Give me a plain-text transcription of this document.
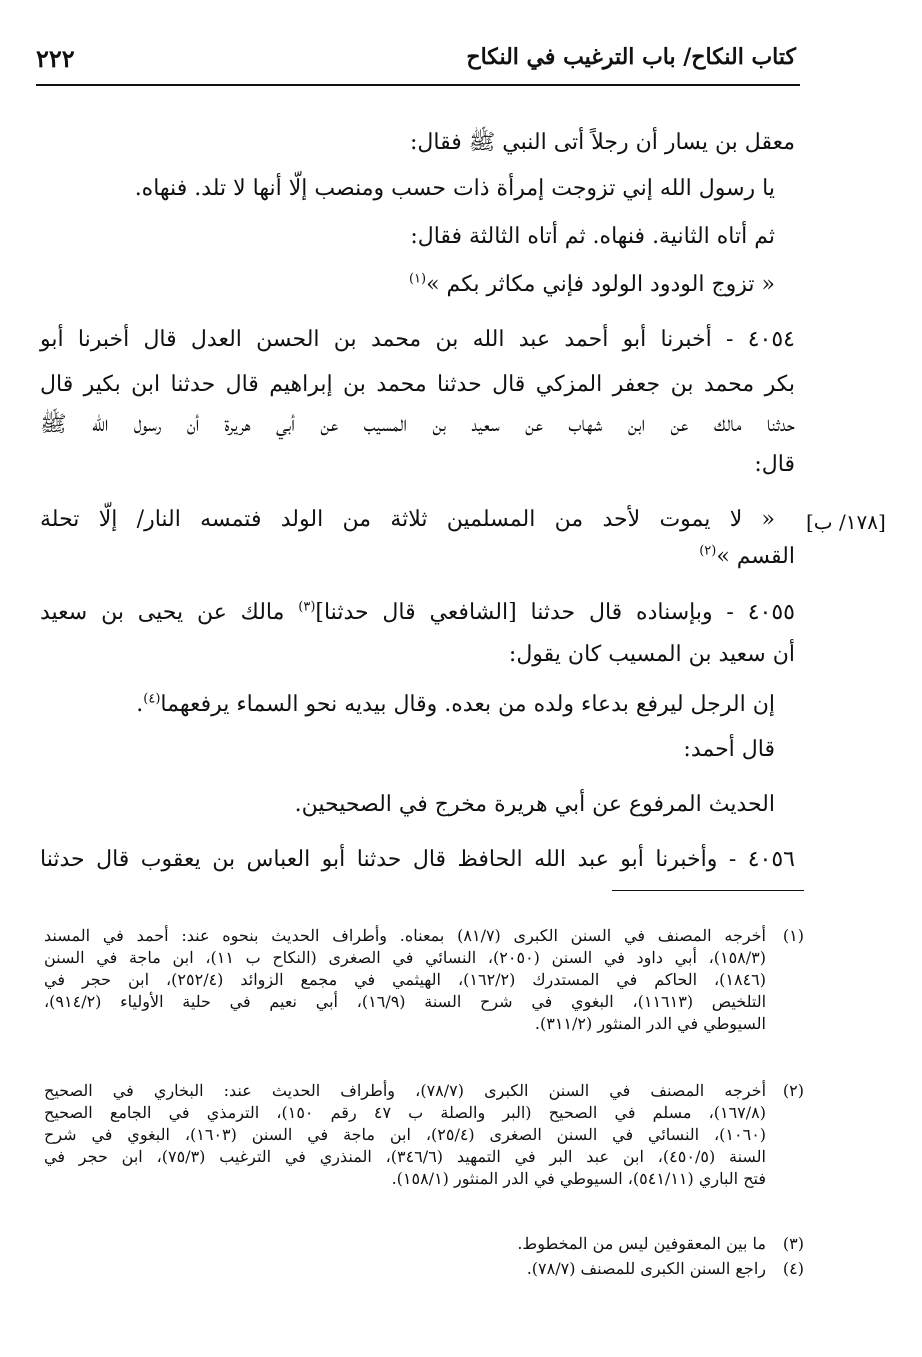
كتاب النكاح/ باب الترغيب في النكاح
٢٢٢
[١٧٨/ ب]
معقل بن يسار أن رجلاً أتى النبي ﷺ فقال:
يا رسول الله إني تزوجت إمرأة ذات حسب ومنصب إلّا أنها لا تلد. فنهاه.
ثم أتاه الثانية. فنهاه. ثم أتاه الثالثة فقال:
« تزوج الودود الولود فإني مكاثر بكم »$^{(١)}$
٤٠٥٤ - أخبرنا أبو أحمد عبد الله بن محمد بن الحسن العدل قال أخبرنا أبو
بكر محمد بن جعفر المزكي قال حدثنا محمد بن إبراهيم قال حدثنا ابن بكير قال
حدثنا مالك عن ابن شهاب عن سعيد بن المسيب عن أبي هريرة أن رسول الله ﷺ
قال:
« لا يموت لأحد من المسلمين ثلاثة من الولد فتمسه النار/ إلّا تحلة
القسم »$^{(٢)}$
٤٠٥٥ - وبإسناده قال حدثنا [الشافعي قال حدثنا]$^{(٣)}$ مالك عن يحيى بن سعيد
أن سعيد بن المسيب كان يقول:
إن الرجل ليرفع بدعاء ولده من بعده. وقال بيديه نحو السماء يرفعهما$^{(٤)}$.
قال أحمد:
الحديث المرفوع عن أبي هريرة مخرج في الصحيحين.
٤٠٥٦ - وأخبرنا أبو عبد الله الحافظ قال حدثنا أبو العباس بن يعقوب قال حدثنا
(١)
أخرجه المصنف في السنن الكبرى (٨١/٧) بمعناه. وأطراف الحديث بنحوه عند: أحمد في المسند
(١٥٨/٣)، أبي داود في السنن (٢٠٥٠)، النسائي في الصغرى (النكاح ب ١١)، ابن ماجة في السنن
(١٨٤٦)، الحاكم في المستدرك (١٦٢/٢)، الهيثمي في مجمع الزوائد (٢٥٢/٤)، ابن حجر في
التلخيص (١١٦١٣)، البغوي في شرح السنة (١٦/٩)، أبي نعيم في حلية الأولياء (٩١٤/٢)،
السيوطي في الدر المنثور (٣١١/٢).
(٢)
أخرجه المصنف في السنن الكبرى (٧٨/٧)، وأطراف الحديث عند: البخاري في الصحيح
(١٦٧/٨)، مسلم في الصحيح (البر والصلة ب ٤٧ رقم ١٥٠)، الترمذي في الجامع الصحيح
(١٠٦٠)، النسائي في السنن الصغرى (٢٥/٤)، ابن ماجة في السنن (١٦٠٣)، البغوي في شرح
السنة (٤٥٠/٥)، ابن عبد البر في التمهيد (٣٤٦/٦)، المنذري في الترغيب (٧٥/٣)، ابن حجر في
فتح الباري (٥٤١/١١)، السيوطي في الدر المنثور (١٥٨/١).
(٣)
ما بين المعقوفين ليس من المخطوط.
(٤)
راجع السنن الكبرى للمصنف (٧٨/٧).
